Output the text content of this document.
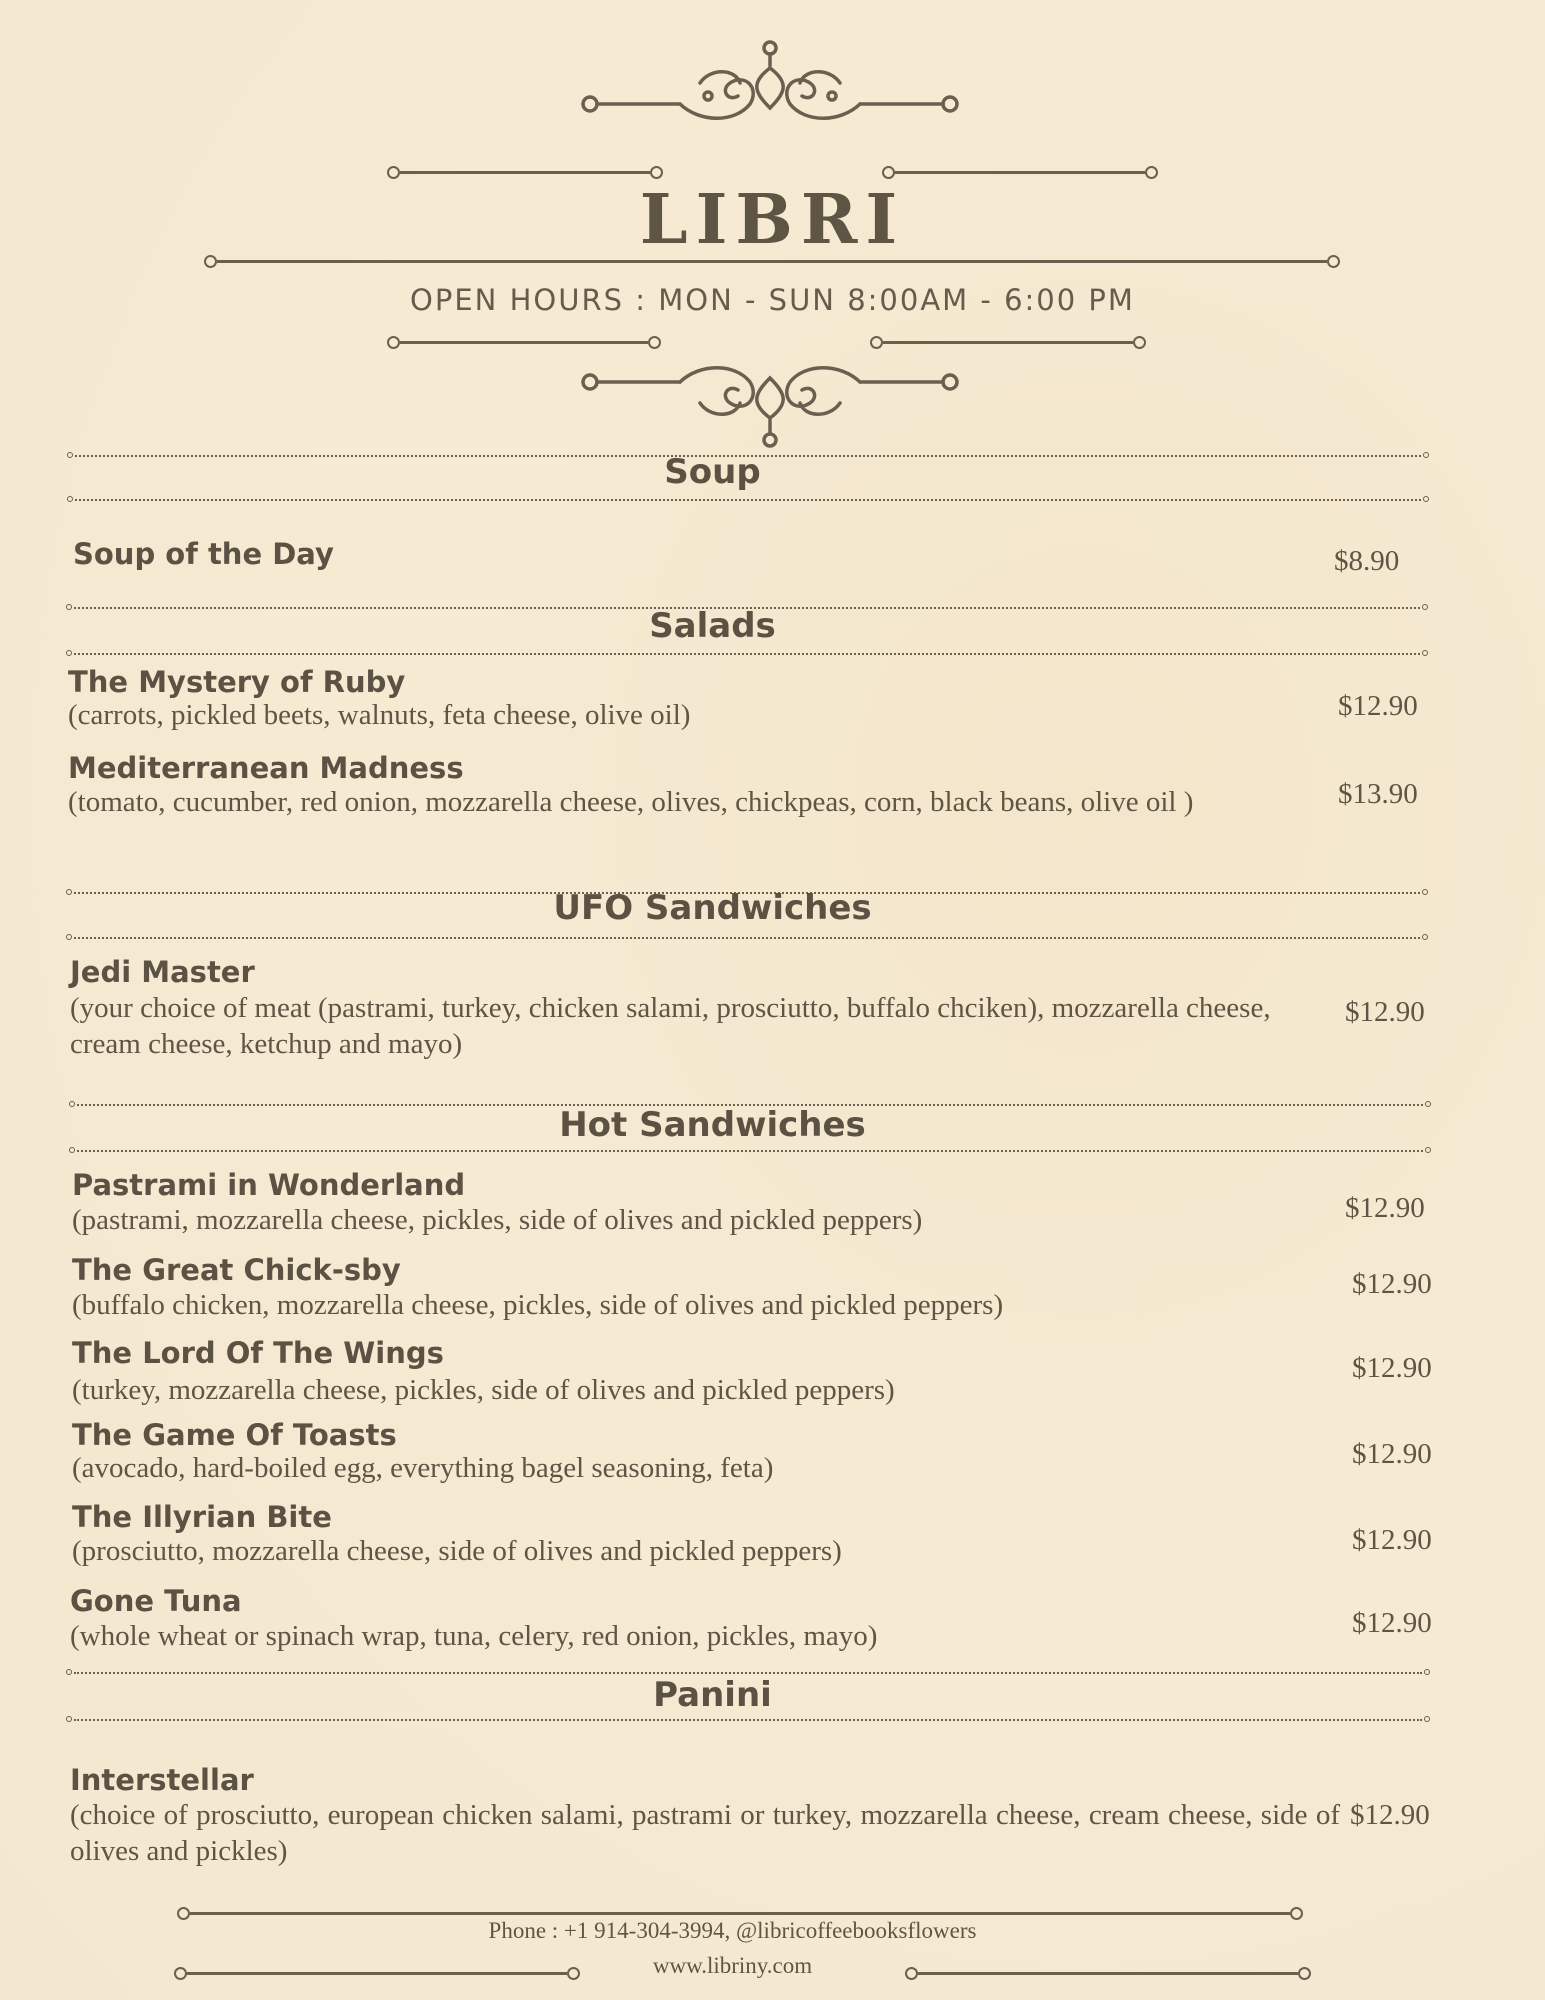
LIBRI
OPEN HOURS : MON - SUN 8:00AM - 6:00 PM
Soup
Soup of the Day	$8.90
Salads
The Mystery of Ruby
(carrots, pickled beets, walnuts, feta cheese, olive oil)	$12.90
Mediterranean Madness
(tomato, cucumber, red onion, mozzarella cheese, olives, chickpeas, corn, black beans, olive oil )	$13.90
UFO Sandwiches
Jedi Master
(your choice of meat (pastrami, turkey, chicken salami, prosciutto, buffalo chciken), mozzarella cheese, cream cheese, ketchup and mayo)
$12.90
Hot Sandwiches
Pastrami in Wonderland
(pastrami, mozzarella cheese, pickles, side of olives and pickled peppers)	$12.90
The Great Chick-sby
(buffalo chicken, mozzarella cheese, pickles, side of olives and pickled peppers)
$12.90
The Lord Of The Wings
(turkey, mozzarella cheese, pickles, side of olives and pickled peppers)
$12.90
The Game Of Toasts
(avocado, hard-boiled egg, everything bagel seasoning, feta)	$12.90
The Illyrian Bite
(prosciutto, mozzarella cheese, side of olives and pickled peppers)	$12.90
Gone Tuna
(whole wheat or spinach wrap, tuna, celery, red onion, pickles, mayo)	$12.90
Panini
Interstellar
(choice of prosciutto, european chicken salami, pastrami or turkey, mozzarella cheese, cream cheese, side of olives and pickles)
$12.90
Phone : +1 914-304-3994, @libricoffeebooksflowers
www.libriny.com
